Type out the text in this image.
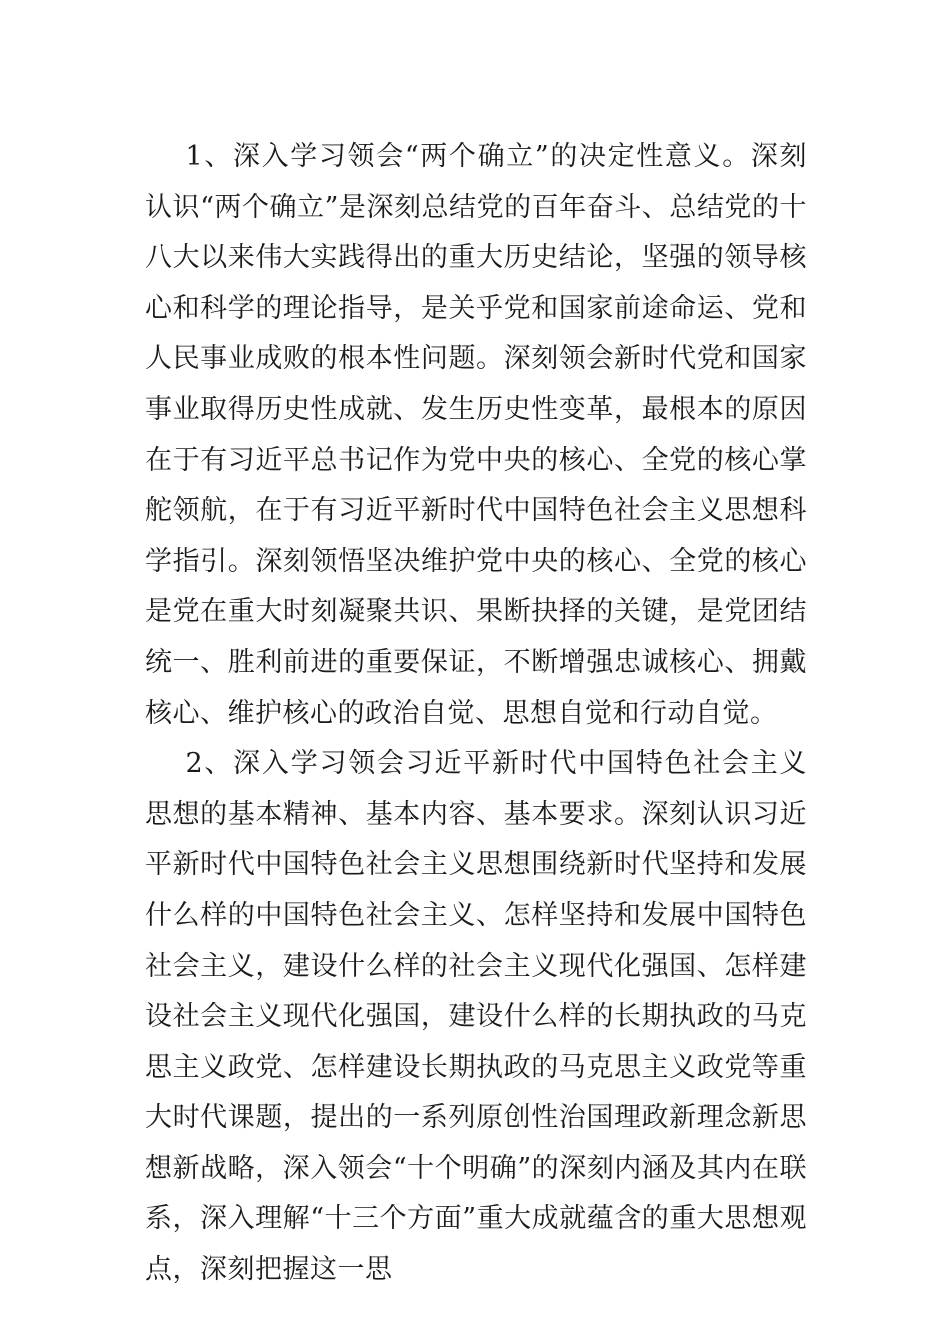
1、深入学习领会“两个确立”的决定性意义。深刻认识“两个确立”是深刻总结党的百年奋斗、总结党的十八大以来伟大实践得出的重大历史结论，坚强的领导核心和科学的理论指导，是关乎党和国家前途命运、党和人民事业成败的根本性问题。深刻领会新时代党和国家事业取得历史性成就、发生历史性变革，最根本的原因在于有习近平总书记作为党中央的核心、全党的核心掌舵领航，在于有习近平新时代中国特色社会主义思想科学指引。深刻领悟坚决维护党中央的核心、全党的核心是党在重大时刻凝聚共识、果断抉择的关键，是党团结统一、胜利前进的重要保证，不断增强忠诚核心、拥戴核心、维护核心的政治自觉、思想自觉和行动自觉。

2、深入学习领会习近平新时代中国特色社会主义思想的基本精神、基本内容、基本要求。深刻认识习近平新时代中国特色社会主义思想围绕新时代坚持和发展什么样的中国特色社会主义、怎样坚持和发展中国特色社会主义，建设什么样的社会主义现代化强国、怎样建设社会主义现代化强国，建设什么样的长期执政的马克思主义政党、怎样建设长期执政的马克思主义政党等重大时代课题，提出的一系列原创性治国理政新理念新思想新战略，深入领会“十个明确”的深刻内涵及其内在联系，深入理解“十三个方面”重大成就蕴含的重大思想观点，深刻把握这一思
